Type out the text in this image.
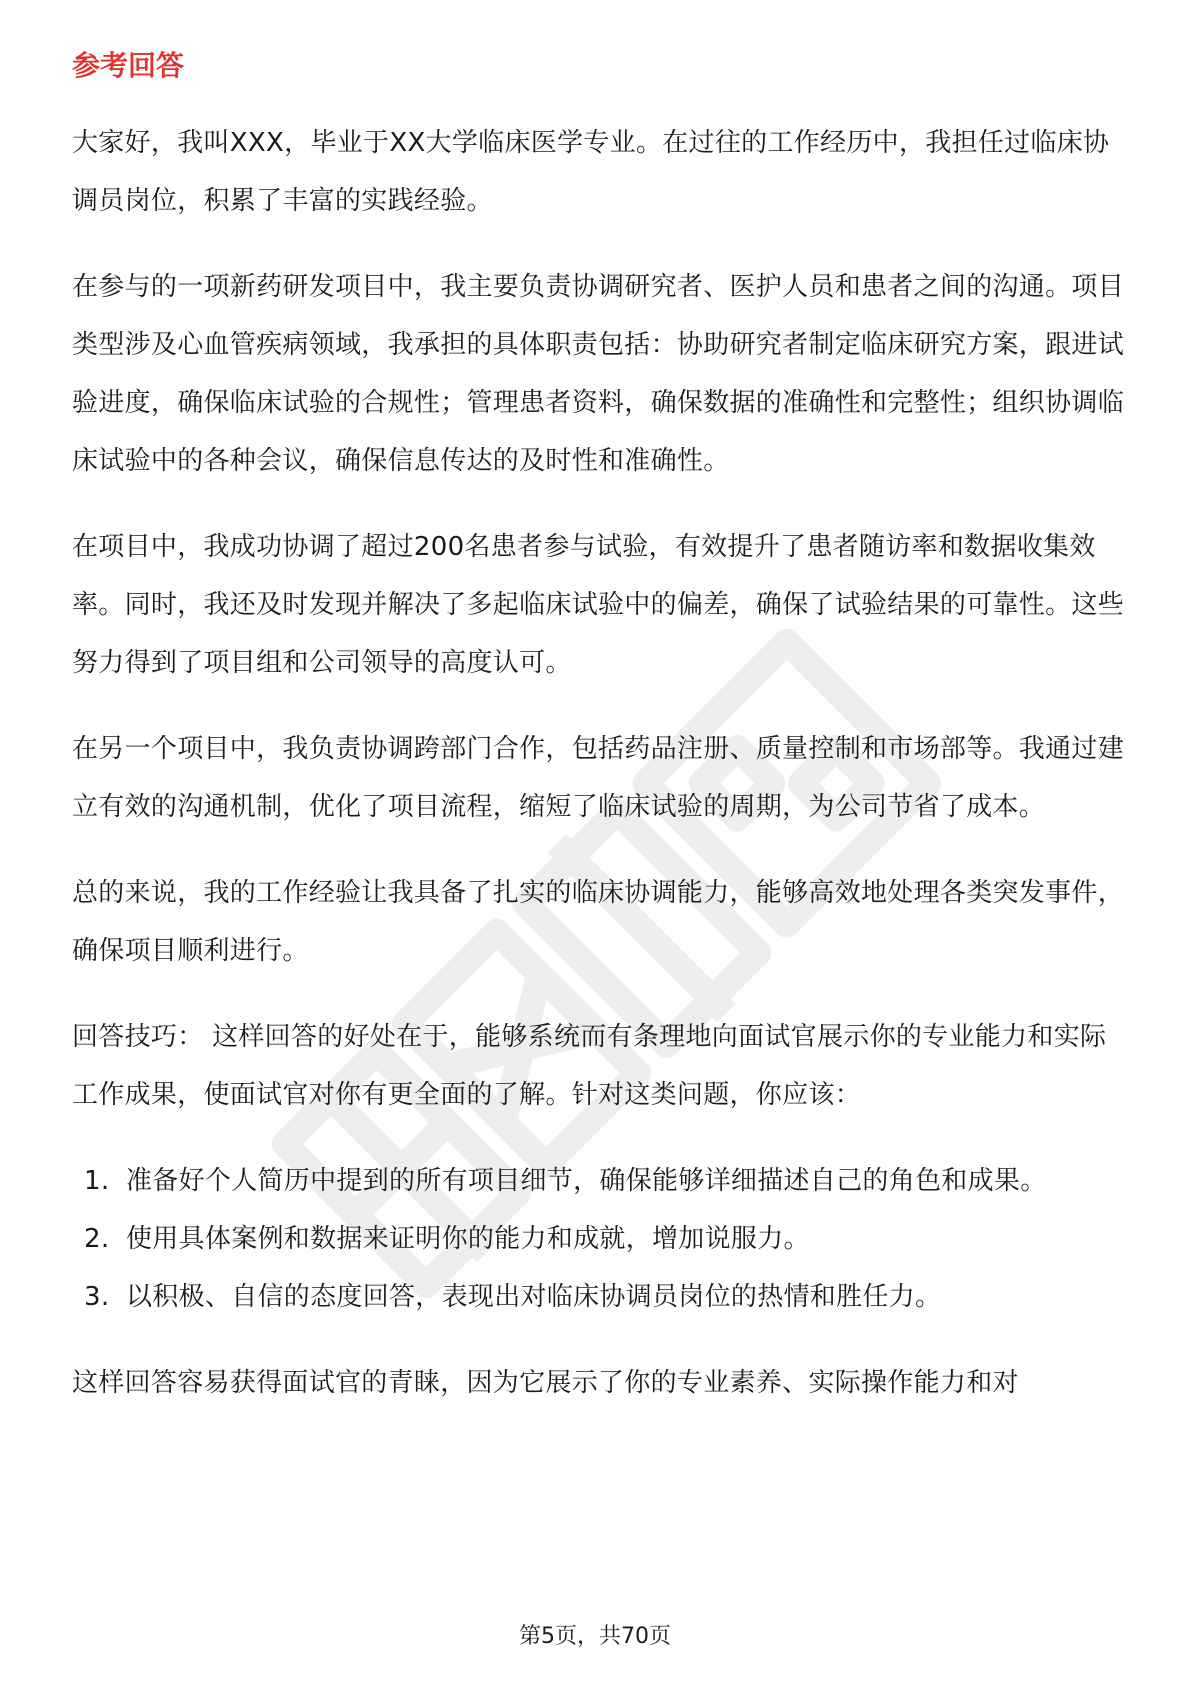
参考回答

大家好，我叫XXX，毕业于XX大学临床医学专业。在过往的工作经历中，我担任过临床协调员岗位，积累了丰富的实践经验。

在参与的一项新药研发项目中，我主要负责协调研究者、医护人员和患者之间的沟通。项目类型涉及心血管疾病领域，我承担的具体职责包括：协助研究者制定临床研究方案，跟进试验进度，确保临床试验的合规性；管理患者资料，确保数据的准确性和完整性；组织协调临床试验中的各种会议，确保信息传达的及时性和准确性。

在项目中，我成功协调了超过200名患者参与试验，有效提升了患者随访率和数据收集效率。同时，我还及时发现并解决了多起临床试验中的偏差，确保了试验结果的可靠性。这些努力得到了项目组和公司领导的高度认可。

在另一个项目中，我负责协调跨部门合作，包括药品注册、质量控制和市场部等。我通过建立有效的沟通机制，优化了项目流程，缩短了临床试验的周期，为公司节省了成本。

总的来说，我的工作经验让我具备了扎实的临床协调能力，能够高效地处理各类突发事件，确保项目顺利进行。

回答技巧： 这样回答的好处在于，能够系统而有条理地向面试官展示你的专业能力和实际工作成果，使面试官对你有更全面的了解。针对这类问题，你应该：

1. 准备好个人简历中提到的所有项目细节，确保能够详细描述自己的角色和成果。
2. 使用具体案例和数据来证明你的能力和成就，增加说服力。
3. 以积极、自信的态度回答，表现出对临床协调员岗位的热情和胜任力。

这样回答容易获得面试官的青睐，因为它展示了你的专业素养、实际操作能力和对

第5页，共70页
